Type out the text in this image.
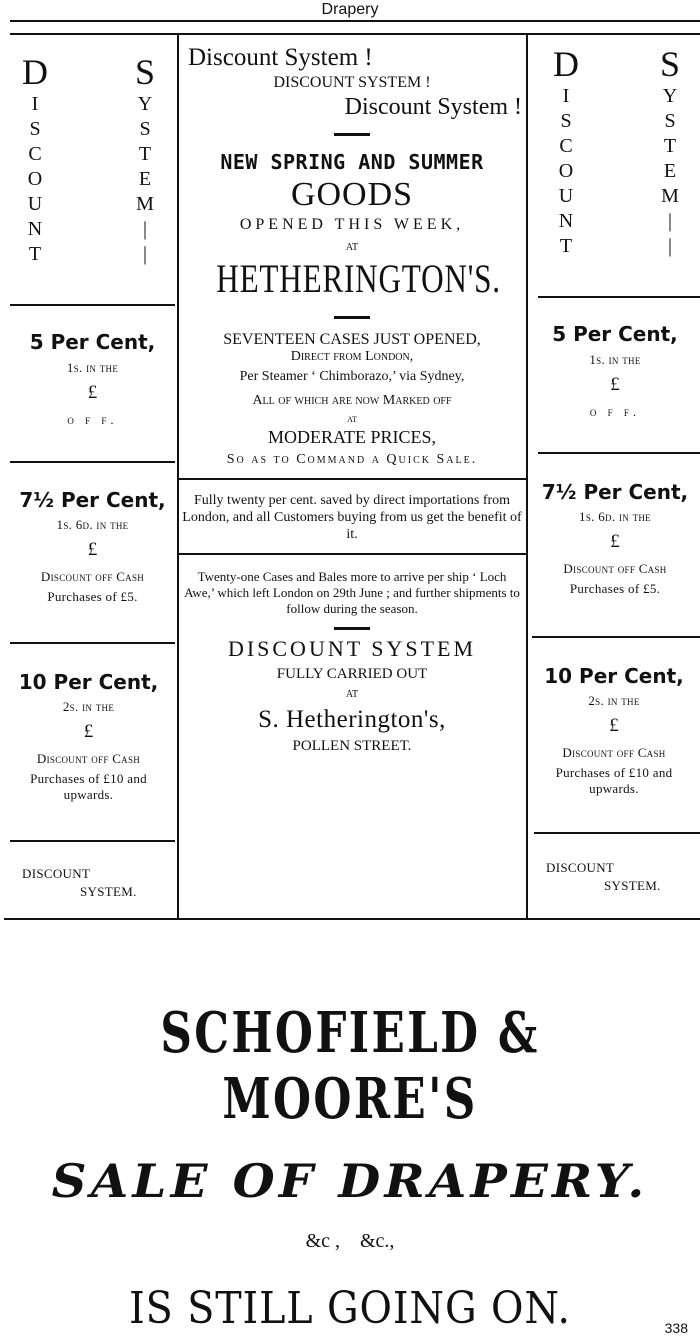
Drapery
D
I
S
C
O
U
N
T
S
Y
S
T
E
M
|
|
5 Per Cent,
1s. in the
£
o f f.
7½ Per Cent,
1s. 6d. in the
£
Discount off Cash
Purchases of £5.
10 Per Cent,
2s. in the
£
Discount off Cash
Purchases of £10 and
upwards.
DISCOUNT
SYSTEM.
D
I
S
C
O
U
N
T
S
Y
S
T
E
M
|
|
5 Per Cent,
1s. in the
£
o f f.
7½ Per Cent,
1s. 6d. in the
£
Discount off Cash
Purchases of £5.
10 Per Cent,
2s. in the
£
Discount off Cash
Purchases of £10 and
upwards.
DISCOUNT
SYSTEM.
Discount System !
DISCOUNT SYSTEM !
Discount System !
NEW SPRING AND SUMMER
GOODS
OPENED THIS WEEK,
AT
HETHERINGTON'S.
SEVENTEEN CASES JUST OPENED,
Direct from London,
Per Steamer ‘ Chimborazo,’ via Sydney,
All of which are now Marked off
at
MODERATE PRICES,
So as to Command a Quick Sale.
Fully twenty per cent. saved by direct importations from London, and all Customers buying from us get the benefit of it.
Twenty-one Cases and Bales more to arrive per ship ‘ Loch Awe,’ which left London on 29th June ; and further shipments to follow during the season.
DISCOUNT SYSTEM
FULLY CARRIED OUT
AT
S. Hetherington's,
POLLEN STREET.
SCHOFIELD & MOORE'S
SALE OF DRAPERY.
&c ,    &c.,
IS STILL GOING ON.	338
